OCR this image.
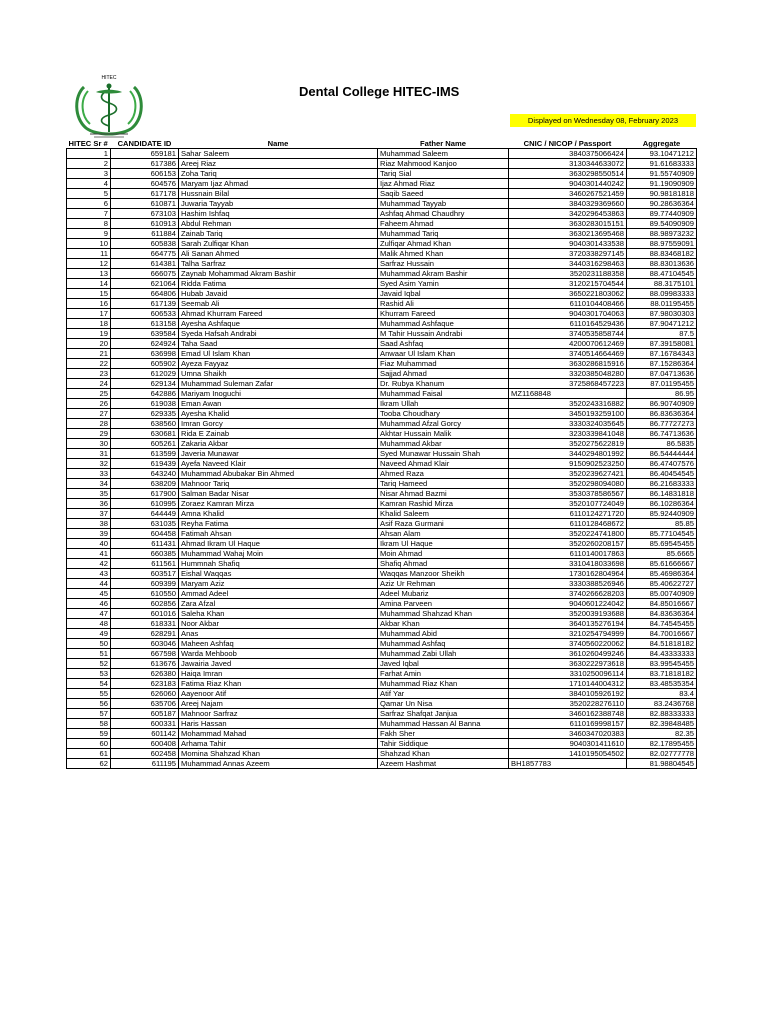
HITEC
Dental College HITEC-IMS
Displayed on Wednesday 08, February 2023
HITEC Sr #	CANDIDATE ID	Name	Father Name	CNIC / NICOP / Passport	Aggregate
1	659181	Sahar Saleem	Muhammad Saleem	3840375066424	93.10471212
2	617386	Areej Riaz	Riaz Mahmood Kanjoo	3130344633072	91.61683333
3	606153	Zoha Tariq	Tariq Sial	3630298550514	91.55740909
4	604576	Maryam Ijaz Ahmad	Ijaz Ahmad Riaz	9040301440242	91.19090909
5	617178	Hussnain Bilal	Saqib Saeed	3460267521459	90.98181818
6	610871	Juwaria Tayyab	Muhammad Tayyab	3840329369660	90.28636364
7	673103	Hashim Ishfaq	Ashfaq Ahmad Chaudhry	3420296453863	89.77440909
8	610913	Abdul Rehman	Faheem Ahmad	3630283015151	89.54090909
9	611884	Zainab Tariq	Muhammad Tariq	3630213695468	88.98973232
10	605838	Sarah Zulfiqar Khan	Zulfiqar Ahmad Khan	9040301433538	88.97559091
11	664775	Ali Sanan Ahmed	Malik Ahmed Khan	3720338297145	88.83468182
12	614381	Talha Sarfraz	Sarfraz Hussain	3440316298463	88.83013636
13	666075	Zaynab Mohammad Akram Bashir	Muhammad Akram Bashir	3520231188358	88.47104545
14	621064	Ridda Fatima	Syed Asim Yamin	3120215704544	88.3175101
15	664806	Hubab Javaid	Javaid Iqbal	3650221803062	88.09983333
16	617139	Seemab Ali	Rashid Ali	6110104408466	88.01195455
17	606533	Ahmad Khurram Fareed	Khurram Fareed	9040301704063	87.98030303
18	613158	Ayesha Ashfaque	Muhammad Ashfaque	6110164529436	87.90471212
19	639584	Syeda Hafsah Andrabi	M Tahir Hussain Andrabi	3740535858744	87.5
20	624924	Taha Saad	Saad Ashfaq	4200070612469	87.39158081
21	636998	Emad Ul Islam Khan	Anwaar Ul Islam Khan	3740514664469	87.16784343
22	605902	Ayeza Fayyaz	Fiaz Muhammad	3630286815916	87.15286364
23	612029	Umna Shaikh	Sajjad Ahmad	3320385048280	87.04713636
24	629134	Muhammad Suleman Zafar	Dr. Rubya Khanum	3725868457223	87.01195455
25	642886	Mariyam Inoguchi	Muhammad Faisal	MZ1168848	86.95
26	619038	Eman Awan	Ikram Ullah	3520243316882	86.90740909
27	629335	Ayesha Khalid	Tooba Choudhary	3450193259100	86.83636364
28	638560	Imran Gorcy	Muhammad Afzal Gorcy	3330324035645	86.77727273
29	630681	Rida E Zainab	Akhtar Hussain Malik	3230339841048	86.74713636
30	605261	Zakaria Akbar	Muhammad Akbar	3520275622819	86.5835
31	613599	Javeria Munawar	Syed Munawar Hussain Shah	3440294801992	86.54444444
32	619439	Ayefa Naveed Klair	Naveed Ahmad Klair	9150902523250	86.47407576
33	643240	Muhammad Abubakar Bin Ahmed	Ahmed Raza	3520239627421	86.40454545
34	638209	Mahnoor Tariq	Tariq Hameed	3520298094080	86.21683333
35	617900	Salman Badar Nisar	Nisar Ahmad Bazmi	3530378586567	86.14831818
36	610995	Zoraez Kamran Mirza	Kamran Rashid Mirza	3520107724049	86.10286364
37	644449	Amna Khalid	Khalid Saleem	6110124271720	85.92440909
38	631035	Reyha Fatima	Asif Raza Gurmani	6110128468672	85.85
39	604458	Fatimah Ahsan	Ahsan Alam	3520224741800	85.77104545
40	611431	Ahmad Ikram Ul Haque	Ikram Ul Haque	3520260208157	85.69545455
41	660385	Muhammad Wahaj Moin	Moin Ahmad	6110140017863	85.6665
42	611561	Hummnah Shafiq	Shafiq Ahmad	3310418033698	85.61666667
43	603517	Eishal Waqqas	Waqqas Manzoor Sheikh	1730162804964	85.46986364
44	609399	Maryam Aziz	Aziz Ur Rehman	3330388526946	85.40622727
45	610550	Ammad Adeel	Adeel Mubariz	3740266628203	85.00740909
46	602856	Zara Afzal	Amina Parveen	9040601224042	84.85016667
47	601016	Saleha Khan	Muhammad Shahzad Khan	3520039193688	84.83636364
48	618331	Noor Akbar	Akbar Khan	3640135276194	84.74545455
49	628291	Anas	Muhammad Abid	3210254794999	84.70016667
50	603046	Maheen Ashfaq	Muhammad Ashfaq	3740560220062	84.51818182
51	667598	Warda Mehboob	Muhammad Zabi Ullah	3610260499246	84.43333333
52	613676	Jawairia Javed	Javed Iqbal	3630222973618	83.99545455
53	626380	Haiqa Imran	Farhat Amin	3310250096114	83.71818182
54	623183	Fatima Riaz Khan	Muhammad Riaz Khan	1710144004312	83.48535354
55	626060	Aayenoor Atif	Atif Yar	3840105926192	83.4
56	635706	Areej Najam	Qamar Un Nisa	3520228276110	83.2436768
57	605187	Mahnoor Sarfraz	Sarfraz Shafqat Janjua	3460162388748	82.88333333
58	600331	Haris Hassan	Muhammad Hassan Al Banna	6110169998157	82.39848485
59	601142	Mohammad Mahad	Fakh Sher	3460347020383	82.35
60	600408	Arhama Tahir	Tahir Siddique	9040301411610	82.17895455
61	602458	Momina Shahzad Khan	Shahzad Khan	1410195054502	82.02777778
62	611195	Muhammad Annas Azeem	Azeem Hashmat	BH1857783	81.98804545
